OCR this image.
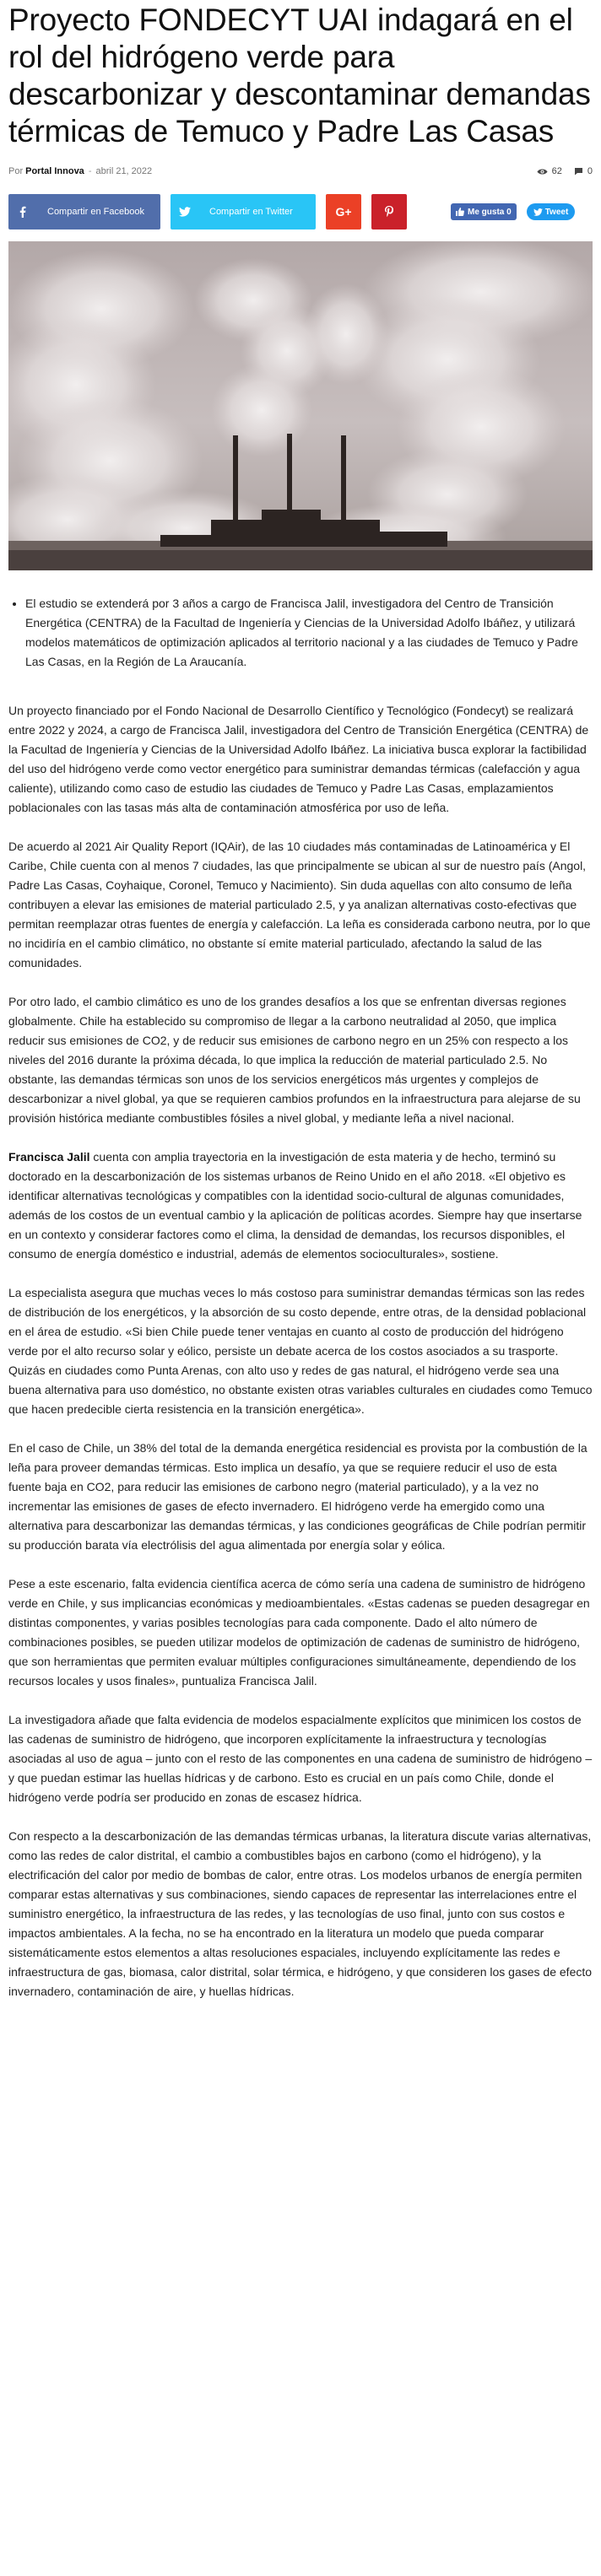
Proyecto FONDECYT UAI indagará en el rol del hidrógeno verde para descarbonizar y descontaminar demandas térmicas de Temuco y Padre Las Casas
Por Portal Innova - abril 21, 2022	62	0
Compartir en Facebook	Compartir en Twitter	G+	Me gusta 0	Tweet
• El estudio se extenderá por 3 años a cargo de Francisca Jalil, investigadora del Centro de Transición Energética (CENTRA) de la Facultad de Ingeniería y Ciencias de la Universidad Adolfo Ibáñez, y utilizará modelos matemáticos de optimización aplicados al territorio nacional y a las ciudades de Temuco y Padre Las Casas, en la Región de La Araucanía.

Un proyecto financiado por el Fondo Nacional de Desarrollo Científico y Tecnológico (Fondecyt) se realizará entre 2022 y 2024, a cargo de Francisca Jalil, investigadora del Centro de Transición Energética (CENTRA) de la Facultad de Ingeniería y Ciencias de la Universidad Adolfo Ibáñez. La iniciativa busca explorar la factibilidad del uso del hidrógeno verde como vector energético para suministrar demandas térmicas (calefacción y agua caliente), utilizando como caso de estudio las ciudades de Temuco y Padre Las Casas, emplazamientos poblacionales con las tasas más alta de contaminación atmosférica por uso de leña.

De acuerdo al 2021 Air Quality Report (IQAir), de las 10 ciudades más contaminadas de Latinoamérica y El Caribe, Chile cuenta con al menos 7 ciudades, las que principalmente se ubican al sur de nuestro país (Angol, Padre Las Casas, Coyhaique, Coronel, Temuco y Nacimiento). Sin duda aquellas con alto consumo de leña contribuyen a elevar las emisiones de material particulado 2.5, y ya analizan alternativas costo-efectivas que permitan reemplazar otras fuentes de energía y calefacción. La leña es considerada carbono neutra, por lo que no incidiría en el cambio climático, no obstante sí emite material particulado, afectando la salud de las comunidades.

Por otro lado, el cambio climático es uno de los grandes desafíos a los que se enfrentan diversas regiones globalmente. Chile ha establecido su compromiso de llegar a la carbono neutralidad al 2050, que implica reducir sus emisiones de CO2, y de reducir sus emisiones de carbono negro en un 25% con respecto a los niveles del 2016 durante la próxima década, lo que implica la reducción de material particulado 2.5. No obstante, las demandas térmicas son unos de los servicios energéticos más urgentes y complejos de descarbonizar a nivel global, ya que se requieren cambios profundos en la infraestructura para alejarse de su provisión histórica mediante combustibles fósiles a nivel global, y mediante leña a nivel nacional.

Francisca Jalil cuenta con amplia trayectoria en la investigación de esta materia y de hecho, terminó su doctorado en la descarbonización de los sistemas urbanos de Reino Unido en el año 2018. «El objetivo es identificar alternativas tecnológicas y compatibles con la identidad socio-cultural de algunas comunidades, además de los costos de un eventual cambio y la aplicación de políticas acordes. Siempre hay que insertarse en un contexto y considerar factores como el clima, la densidad de demandas, los recursos disponibles, el consumo de energía doméstico e industrial, además de elementos socioculturales», sostiene.

La especialista asegura que muchas veces lo más costoso para suministrar demandas térmicas son las redes de distribución de los energéticos, y la absorción de su costo depende, entre otras, de la densidad poblacional en el área de estudio. «Si bien Chile puede tener ventajas en cuanto al costo de producción del hidrógeno verde por el alto recurso solar y eólico, persiste un debate acerca de los costos asociados a su trasporte. Quizás en ciudades como Punta Arenas, con alto uso y redes de gas natural, el hidrógeno verde sea una buena alternativa para uso doméstico, no obstante existen otras variables culturales en ciudades como Temuco que hacen predecible cierta resistencia en la transición energética».

En el caso de Chile, un 38% del total de la demanda energética residencial es provista por la combustión de la leña para proveer demandas térmicas. Esto implica un desafío, ya que se requiere reducir el uso de esta fuente baja en CO2, para reducir las emisiones de carbono negro (material particulado), y a la vez no incrementar las emisiones de gases de efecto invernadero. El hidrógeno verde ha emergido como una alternativa para descarbonizar las demandas térmicas, y las condiciones geográficas de Chile podrían permitir su producción barata vía electrólisis del agua alimentada por energía solar y eólica.

Pese a este escenario, falta evidencia científica acerca de cómo sería una cadena de suministro de hidrógeno verde en Chile, y sus implicancias económicas y medioambientales. «Estas cadenas se pueden desagregar en distintas componentes, y varias posibles tecnologías para cada componente. Dado el alto número de combinaciones posibles, se pueden utilizar modelos de optimización de cadenas de suministro de hidrógeno, que son herramientas que permiten evaluar múltiples configuraciones simultáneamente, dependiendo de los recursos locales y usos finales», puntualiza Francisca Jalil.

La investigadora añade que falta evidencia de modelos espacialmente explícitos que minimicen los costos de las cadenas de suministro de hidrógeno, que incorporen explícitamente la infraestructura y tecnologías asociadas al uso de agua – junto con el resto de las componentes en una cadena de suministro de hidrógeno – y que puedan estimar las huellas hídricas y de carbono. Esto es crucial en un país como Chile, donde el hidrógeno verde podría ser producido en zonas de escasez hídrica.

Con respecto a la descarbonización de las demandas térmicas urbanas, la literatura discute varias alternativas, como las redes de calor distrital, el cambio a combustibles bajos en carbono (como el hidrógeno), y la electrificación del calor por medio de bombas de calor, entre otras. Los modelos urbanos de energía permiten comparar estas alternativas y sus combinaciones, siendo capaces de representar las interrelaciones entre el suministro energético, la infraestructura de las redes, y las tecnologías de uso final, junto con sus costos e impactos ambientales. A la fecha, no se ha encontrado en la literatura un modelo que pueda comparar sistemáticamente estos elementos a altas resoluciones espaciales, incluyendo explícitamente las redes e infraestructura de gas, biomasa, calor distrital, solar térmica, e hidrógeno, y que consideren los gases de efecto invernadero, contaminación de aire, y huellas hídricas.
